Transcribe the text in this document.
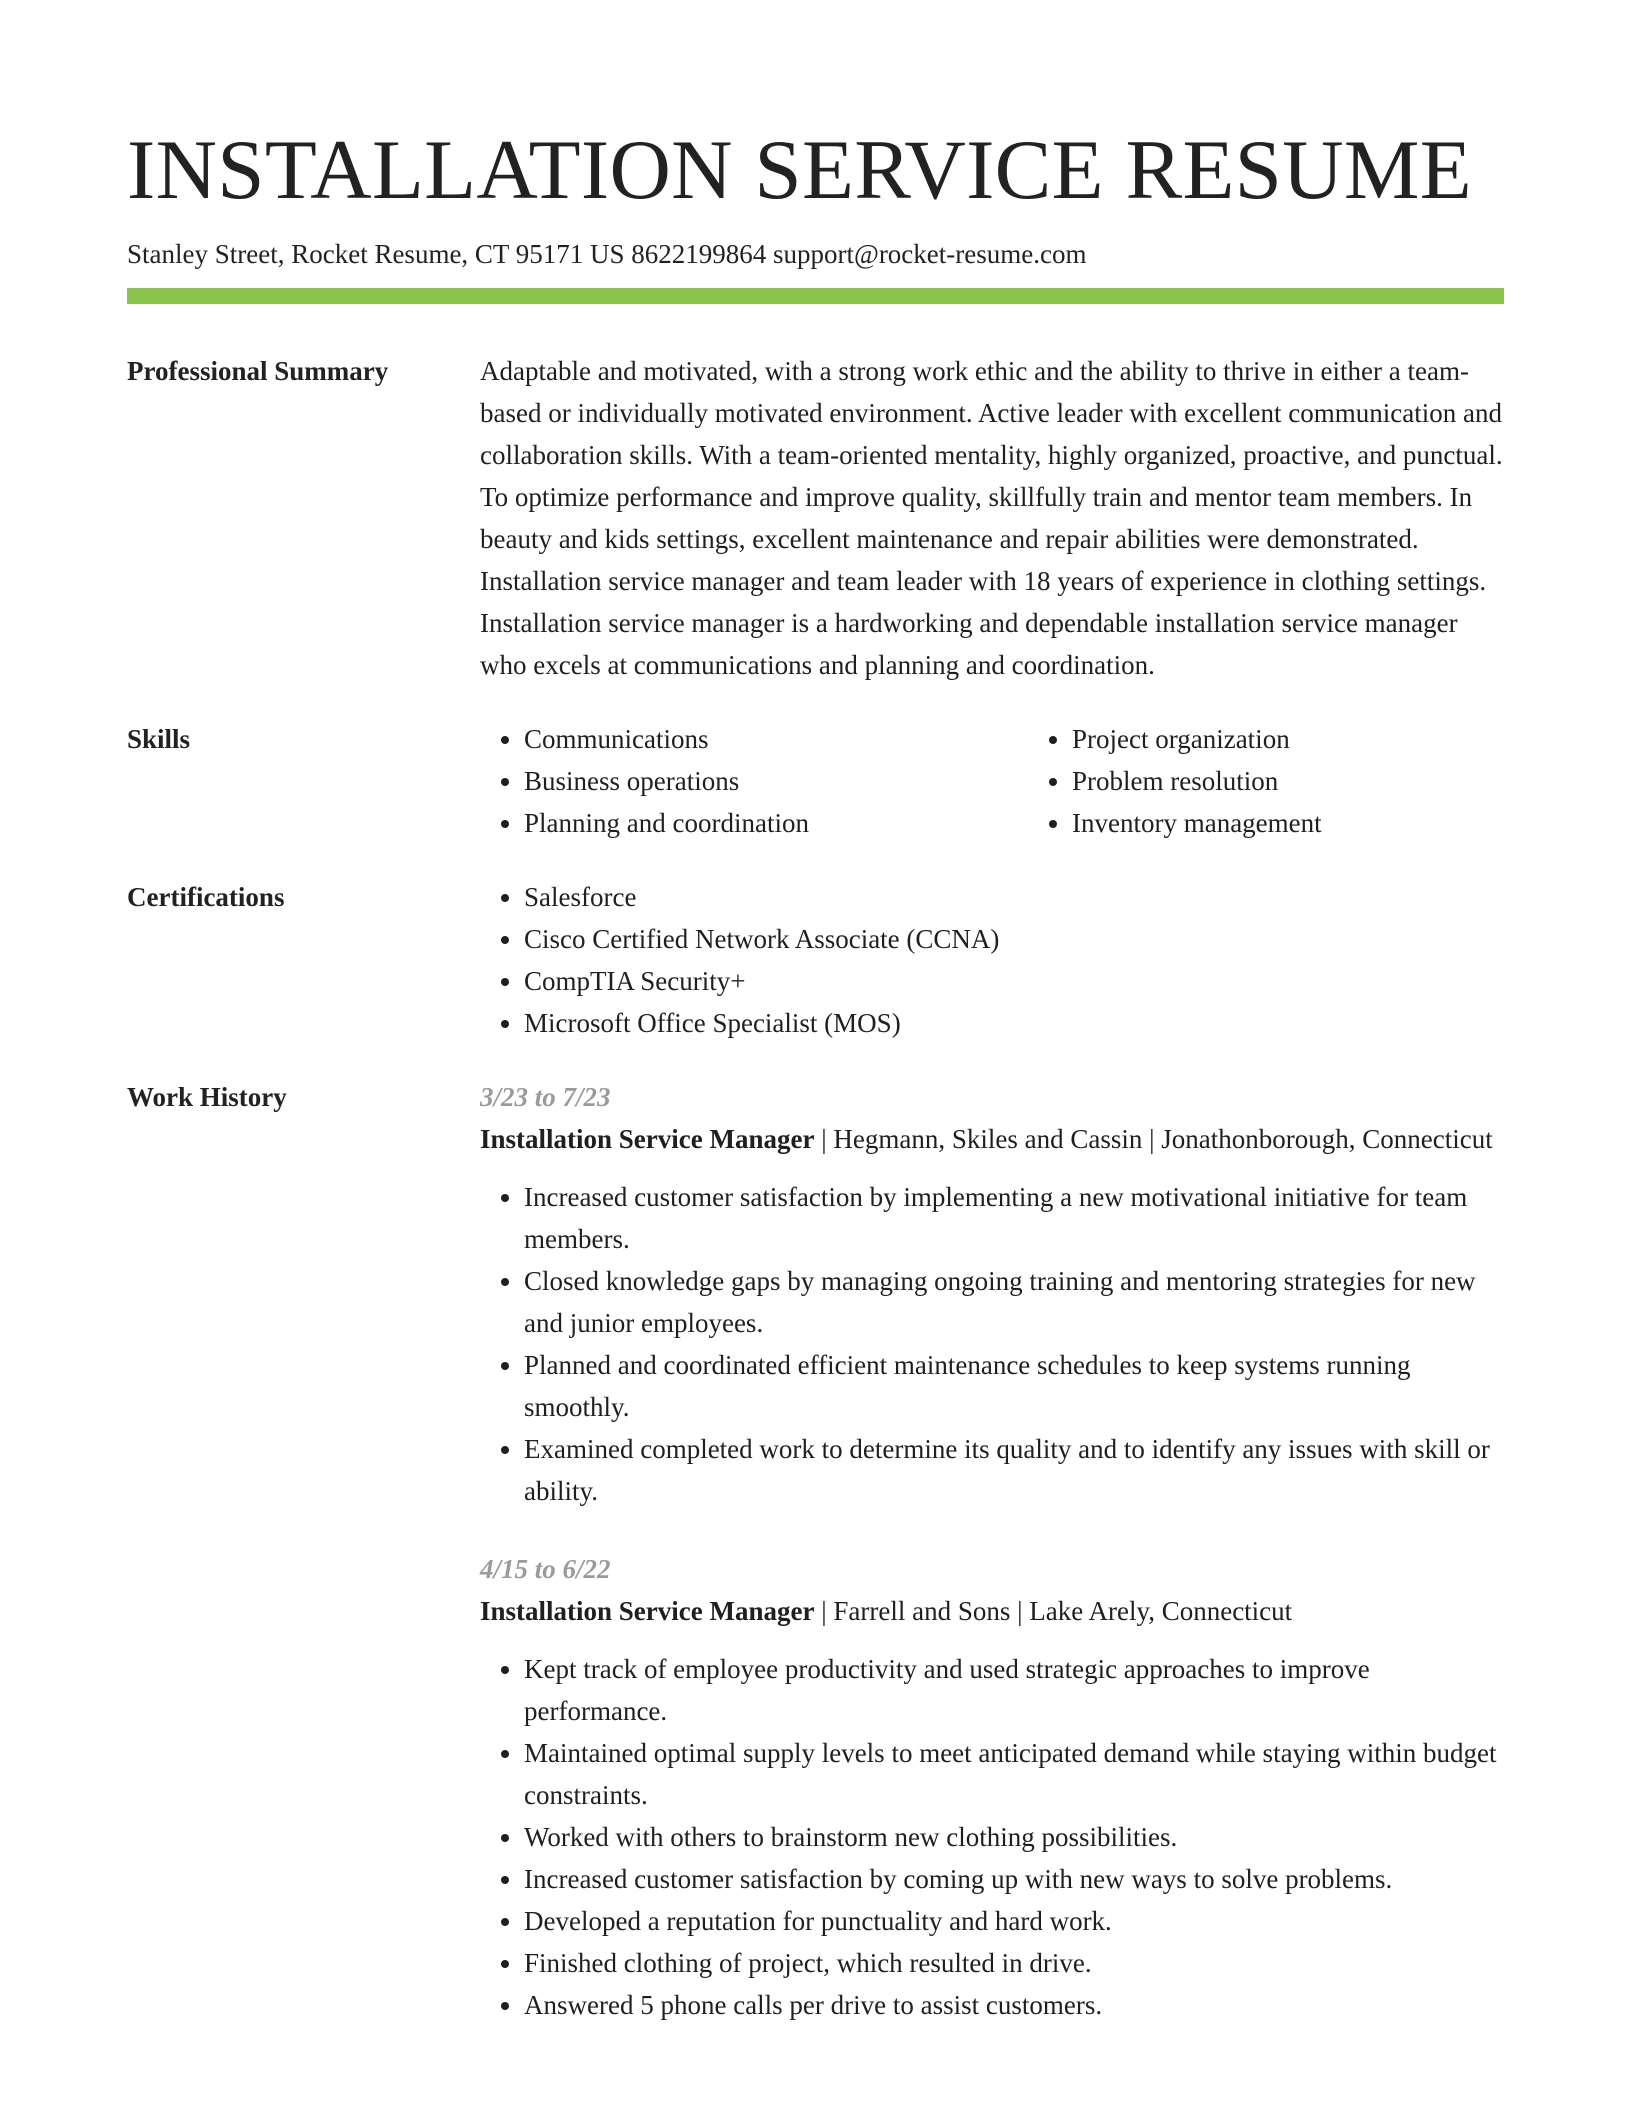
INSTALLATION SERVICE RESUME
Stanley Street, Rocket Resume, CT 95171 US 8622199864 support@rocket-resume.com
Professional Summary	Adaptable and motivated, with a strong work ethic and the ability to thrive in either a team-based or individually motivated environment. Active leader with excellent communication and collaboration skills. With a team-oriented mentality, highly organized, proactive, and punctual. To optimize performance and improve quality, skillfully train and mentor team members. In beauty and kids settings, excellent maintenance and repair abilities were demonstrated. Installation service manager and team leader with 18 years of experience in clothing settings. Installation service manager is a hardworking and dependable installation service manager who excels at communications and planning and coordination.

Skills	• Communications
• Business operations
• Planning and coordination
• Project organization
• Problem resolution
• Inventory management
Certifications	• Salesforce
• Cisco Certified Network Associate (CCNA)
• CompTIA Security+
• Microsoft Office Specialist (MOS)
Work History	3/23 to 7/23
Installation Service Manager | Hegmann, Skiles and Cassin | Jonathonborough, Connecticut
• Increased customer satisfaction by implementing a new motivational initiative for team members.
• Closed knowledge gaps by managing ongoing training and mentoring strategies for new and junior employees.
• Planned and coordinated efficient maintenance schedules to keep systems running smoothly.
• Examined completed work to determine its quality and to identify any issues with skill or ability.
4/15 to 6/22
Installation Service Manager | Farrell and Sons | Lake Arely, Connecticut
• Kept track of employee productivity and used strategic approaches to improve performance.
• Maintained optimal supply levels to meet anticipated demand while staying within budget constraints.
• Worked with others to brainstorm new clothing possibilities.
• Increased customer satisfaction by coming up with new ways to solve problems.
• Developed a reputation for punctuality and hard work.
• Finished clothing of project, which resulted in drive.
• Answered 5 phone calls per drive to assist customers.
